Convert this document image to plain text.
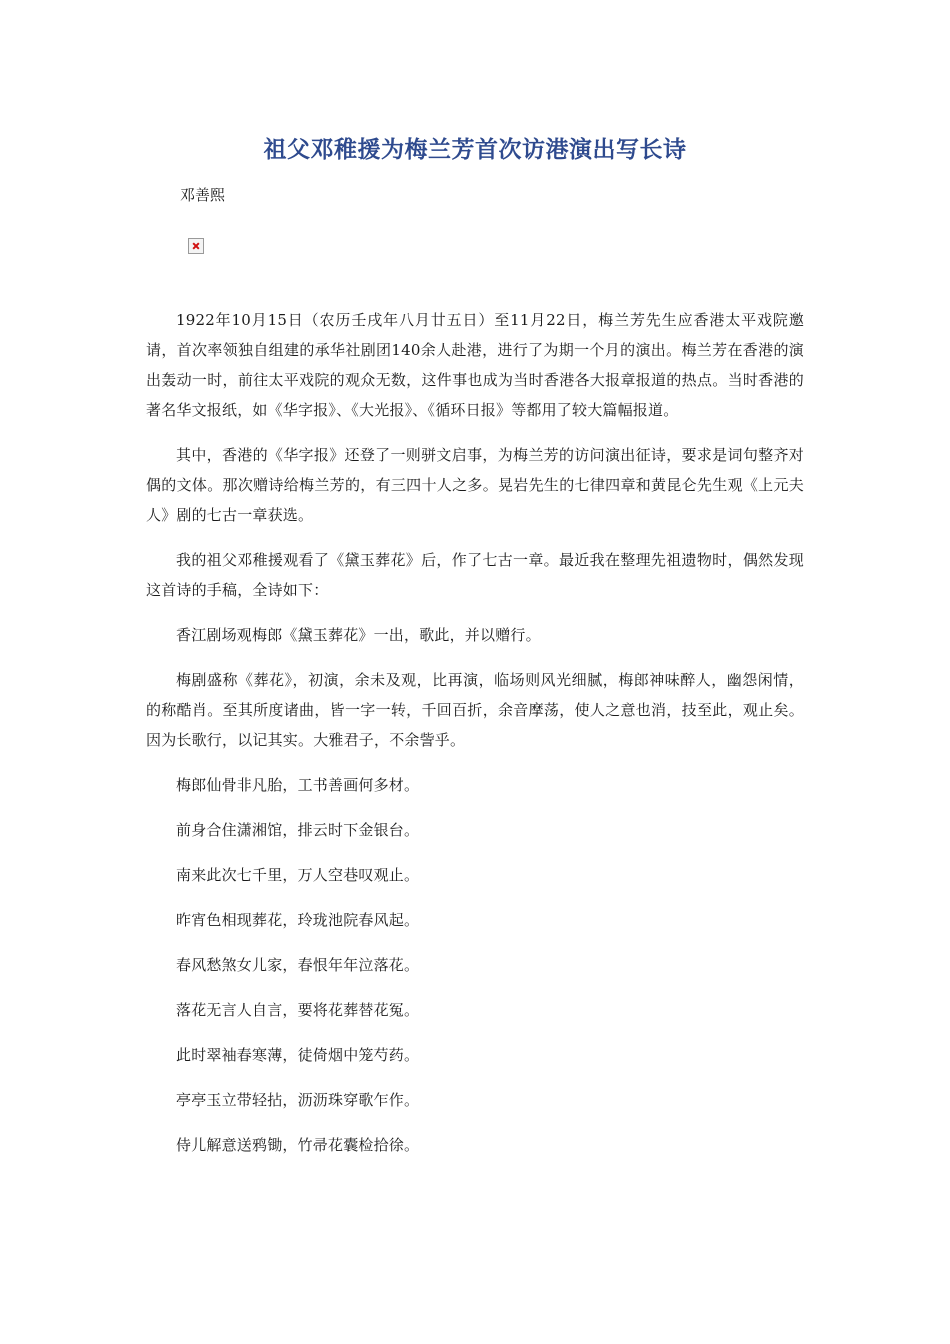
祖父邓稚援为梅兰芳首次访港演出写长诗
邓善熙

1922年10月15日（农历壬戌年八月廿五日）至11月22日，梅兰芳先生应香港太平戏院邀请，首次率领独自组建的承华社剧团140余人赴港，进行了为期一个月的演出。梅兰芳在香港的演出轰动一时，前往太平戏院的观众无数，这件事也成为当时香港各大报章报道的热点。当时香港的著名华文报纸，如《华字报》、《大光报》、《循环日报》等都用了较大篇幅报道。

其中，香港的《华字报》还登了一则骈文启事，为梅兰芳的访问演出征诗，要求是词句整齐对偶的文体。那次赠诗给梅兰芳的，有三四十人之多。晃岩先生的七律四章和黄昆仑先生观《上元夫人》剧的七古一章获选。

我的祖父邓稚援观看了《黛玉葬花》后，作了七古一章。最近我在整理先祖遗物时，偶然发现这首诗的手稿，全诗如下：

香江剧场观梅郎《黛玉葬花》一出，歌此，并以赠行。

梅剧盛称《葬花》，初演，余未及观，比再演，临场则风光细腻，梅郎神味醉人，幽怨闲情，的称酷肖。至其所度诸曲，皆一字一转，千回百折，余音摩荡，使人之意也消，技至此，观止矣。因为长歌行，以记其实。大雅君子，不余訾乎。

梅郎仙骨非凡胎，工书善画何多材。

前身合住潇湘馆，排云时下金银台。

南来此次七千里，万人空巷叹观止。

昨宵色相现葬花，玲珑池院春风起。

春风愁煞女儿家，春恨年年泣落花。

落花无言人自言，要将花葬替花冤。

此时翠袖春寒薄，徒倚烟中笼芍药。

亭亭玉立带轻拈，沥沥珠穿歌乍作。

侍儿解意送鸦锄，竹帚花囊检拾徐。
